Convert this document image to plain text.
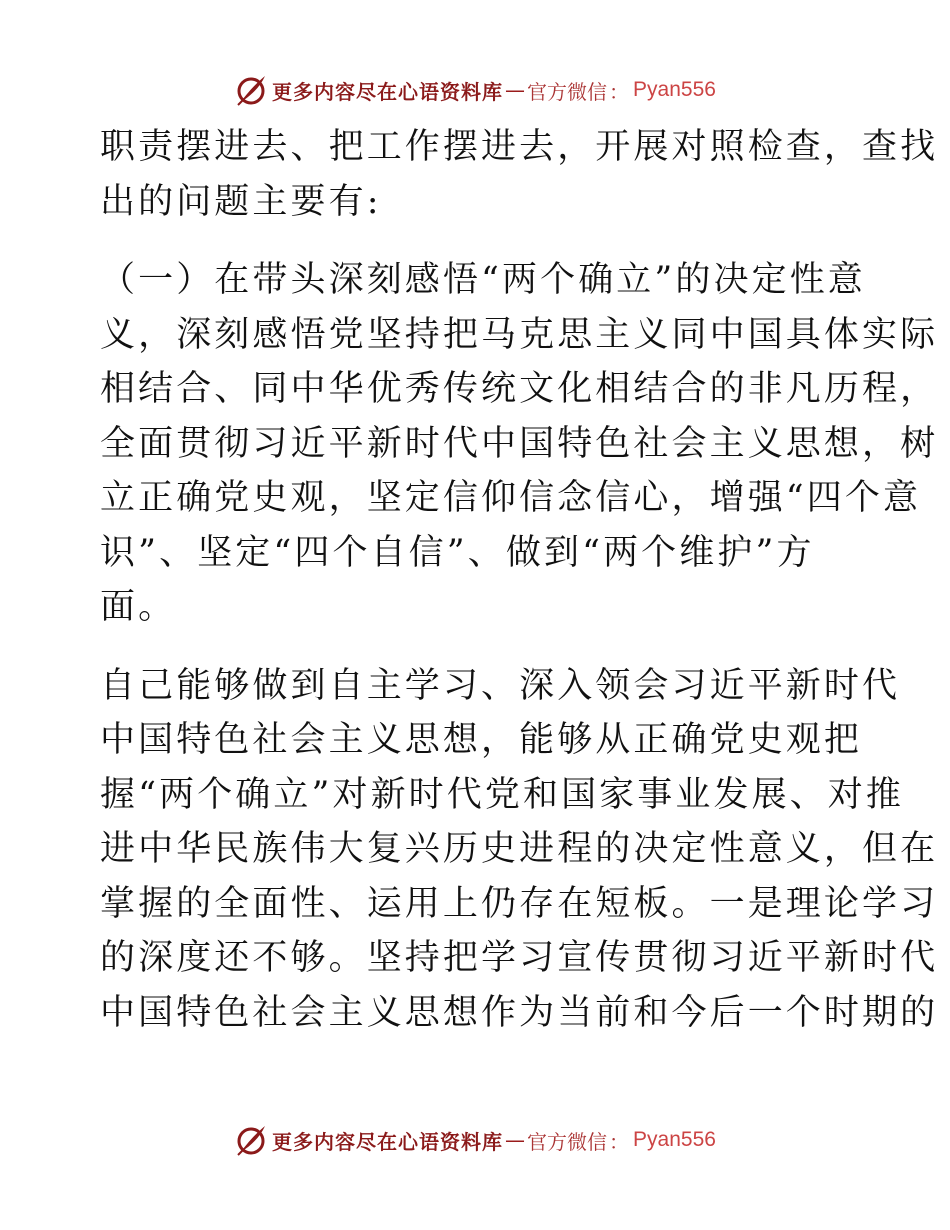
更多内容尽在心语资料库 — 官方微信 ： Pyan556
职责摆进去、把工作摆进去，开展对照检查，查找
出的问题主要有:
（一）在带头深刻感悟“两个确立”的决定性意
义，深刻感悟党坚持把马克思主义同中国具体实际
相结合、同中华优秀传统文化相结合的非凡历程，
全面贯彻习近平新时代中国特色社会主义思想，树
立正确党史观，坚定信仰信念信心，增强“四个意
识”、坚定“四个自信”、做到“两个维护”方
面。
自己能够做到自主学习、深入领会习近平新时代
中国特色社会主义思想，能够从正确党史观把
握“两个确立”对新时代党和国家事业发展、对推
进中华民族伟大复兴历史进程的决定性意义，但在
掌握的全面性、运用上仍存在短板。一是理论学习
的深度还不够。坚持把学习宣传贯彻习近平新时代
中国特色社会主义思想作为当前和今后一个时期的
更多内容尽在心语资料库 — 官方微信 ： Pyan556
